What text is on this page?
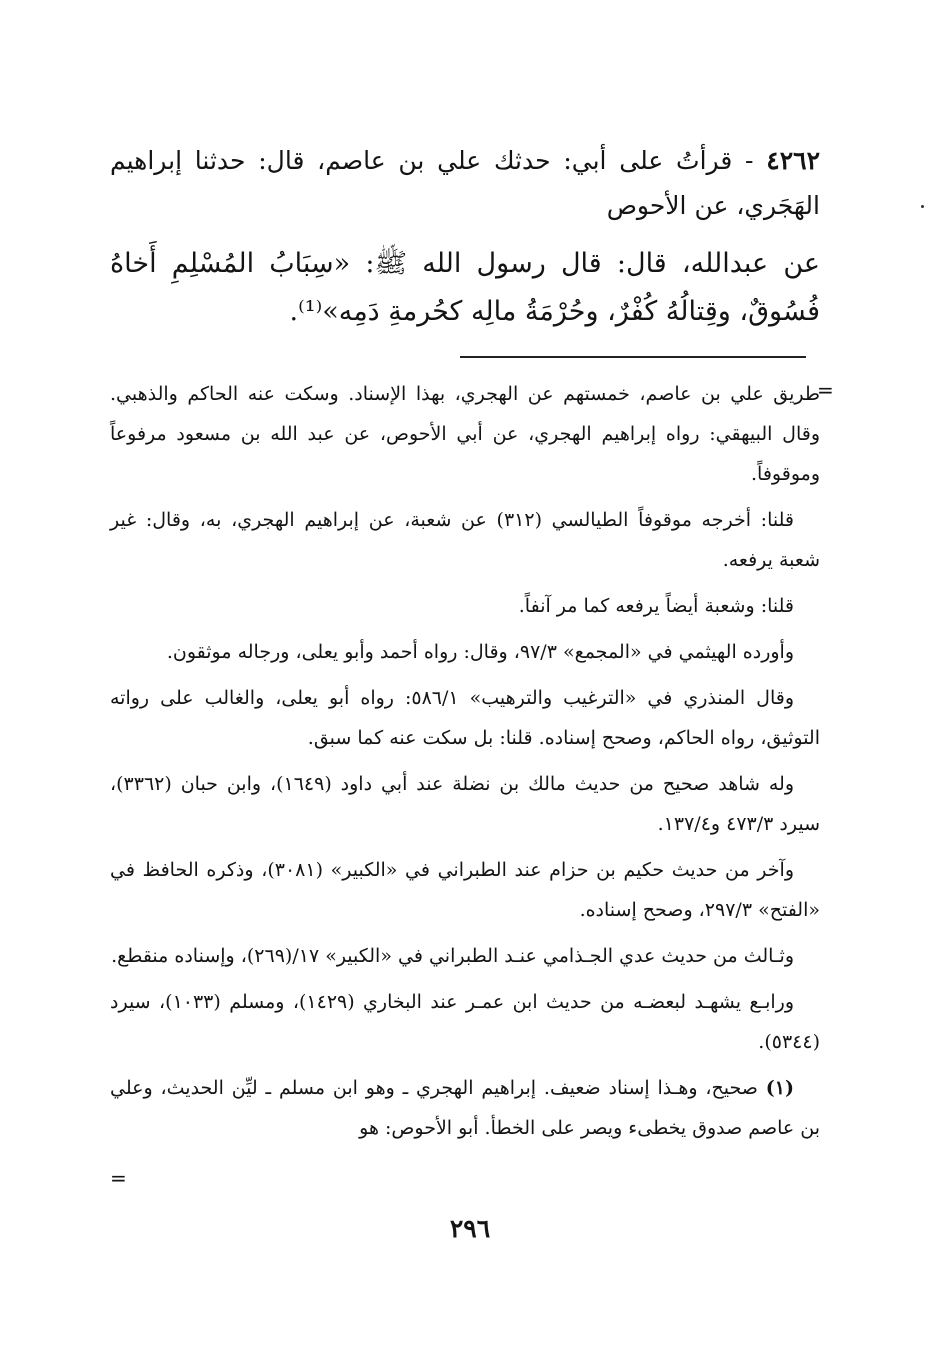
٤٢٦٢ - قرأتُ على أبي: حدثك علي بن عاصم، قال: حدثنا إبراهيم الهَجَري، عن الأحوص

عن عبدالله، قال: قال رسول الله ﷺ: «سِبَابُ المُسْلِمِ أَخاهُ فُسُوقٌ، وقِتالُهُ كُفْرٌ، وحُرْمَةُ مالِه كحُرمةِ دَمِه»⁽¹⁾.

=

طريق علي بن عاصم، خمستهم عن الهجري، بهذا الإسناد. وسكت عنه الحاكم والذهبي. وقال البيهقي: رواه إبراهيم الهجري، عن أبي الأحوص، عن عبد الله بن مسعود مرفوعاً وموقوفاً.

قلنا: أخرجه موقوفاً الطيالسي (٣١٢) عن شعبة، عن إبراهيم الهجري، به، وقال: غير شعبة يرفعه.

قلنا: وشعبة أيضاً يرفعه كما مر آنفاً.

وأورده الهيثمي في «المجمع» ٩٧/٣، وقال: رواه أحمد وأبو يعلى، ورجاله موثقون.

وقال المنذري في «الترغيب والترهيب» ٥٨٦/١: رواه أبو يعلى، والغالب على رواته التوثيق، رواه الحاكم، وصحح إسناده. قلنا: بل سكت عنه كما سبق.

وله شاهد صحيح من حديث مالك بن نضلة عند أبي داود (١٦٤٩)، وابن حبان (٣٣٦٢)، سيرد ٤٧٣/٣ و١٣٧/٤.

وآخر من حديث حكيم بن حزام عند الطبراني في «الكبير» (٣٠٨١)، وذكره الحافظ في «الفتح» ٢٩٧/٣، وصحح إسناده.

وثـالث من حديث عدي الجـذامي عنـد الطبراني في «الكبير» ١٧/(٢٦٩)، وإسناده منقطع.

ورابـع يشهـد لبعضـه من حديث ابن عمـر عند البخاري (١٤٢٩)، ومسلم (١٠٣٣)، سيرد (٥٣٤٤).

(١) صحيح، وهـذا إسناد ضعيف. إبراهيم الهجري ـ وهو ابن مسلم ـ ليِّن الحديث، وعلي بن عاصم صدوق يخطىء ويصر على الخطأ. أبو الأحوص: هو

=
٢٩٦
